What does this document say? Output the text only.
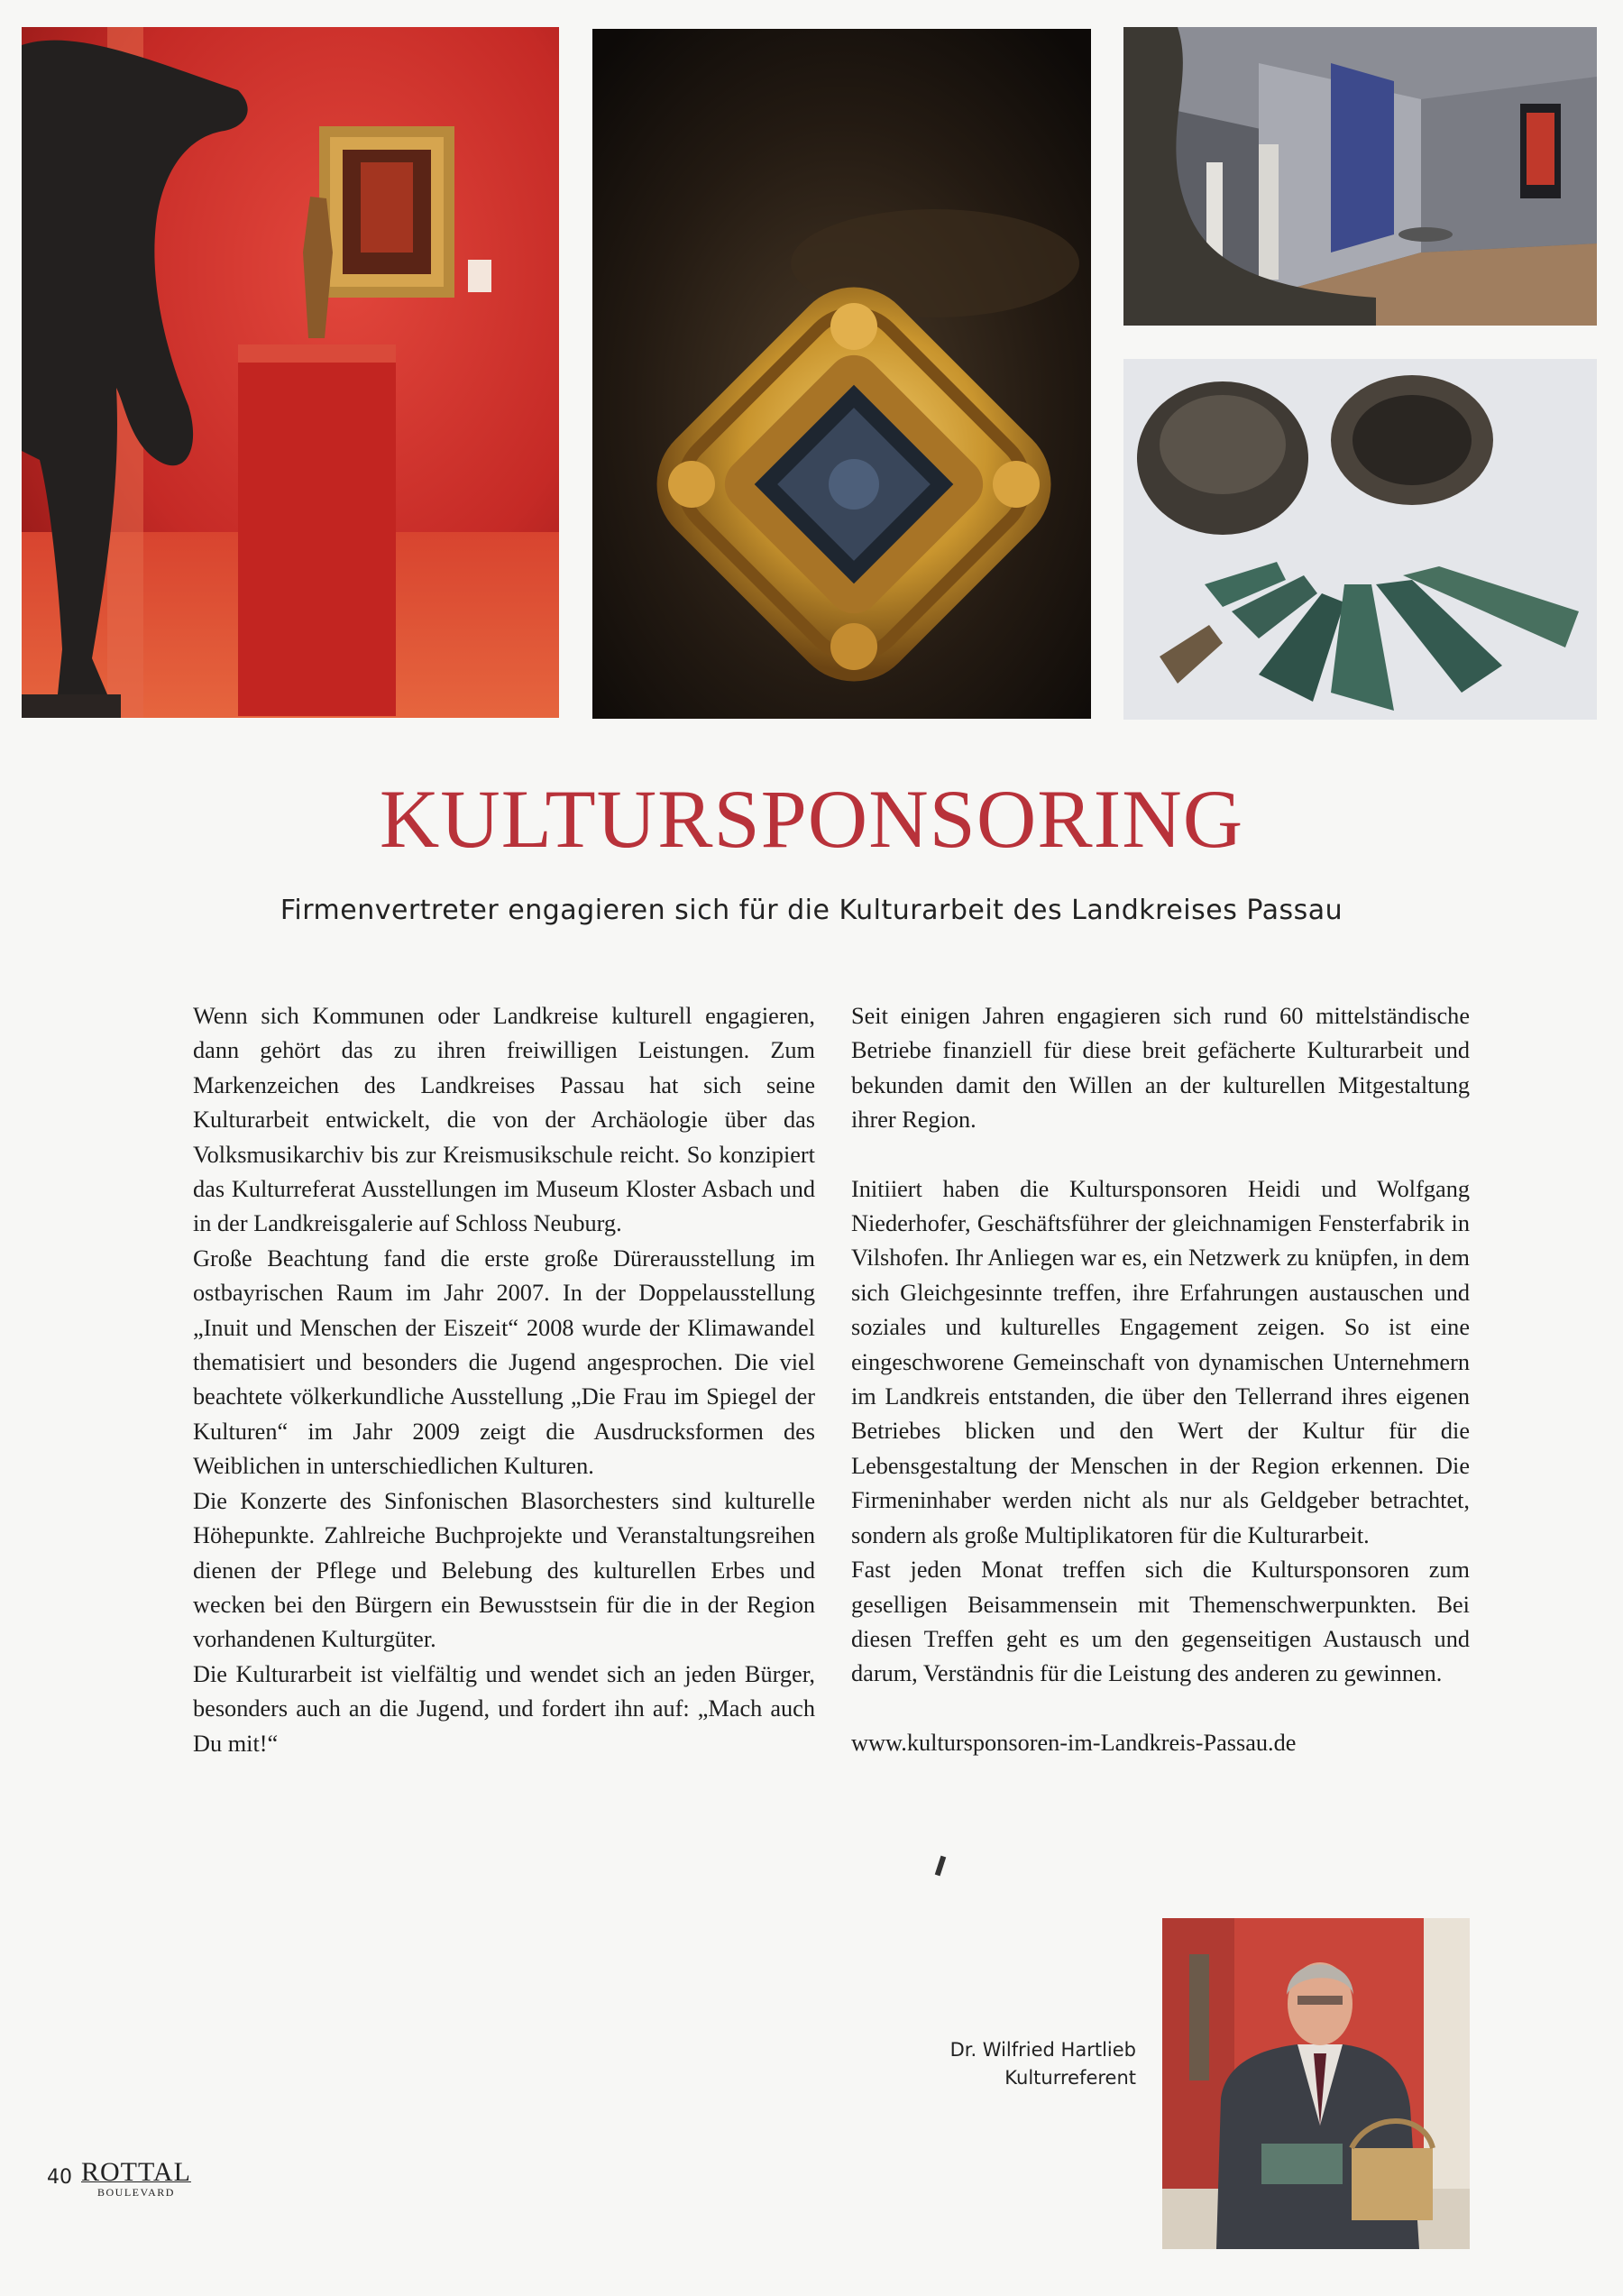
KULTURSPONSORING
Firmenvertreter engagieren sich für die Kulturarbeit des Landkreises Passau

Wenn sich Kommunen oder Landkreise kulturell engagieren, dann gehört das zu ihren freiwilligen Leistungen. Zum Markenzeichen des Landkreises Passau hat sich seine Kulturarbeit entwickelt, die von der Archäologie über das Volksmusikarchiv bis zur Kreismusikschule reicht. So konzipiert das Kulturreferat Ausstellungen im Museum Kloster Asbach und in der Landkreisgalerie auf Schloss Neuburg.

Große Beachtung fand die erste große Dürerausstellung im ostbayrischen Raum im Jahr 2007. In der Doppelausstellung „Inuit und Menschen der Eiszeit“ 2008 wurde der Klimawandel thematisiert und besonders die Jugend angesprochen. Die viel beachtete völkerkundliche Ausstellung „Die Frau im Spiegel der Kulturen“ im Jahr 2009 zeigt die Ausdrucksformen des Weiblichen in unterschiedlichen Kulturen.

Die Konzerte des Sinfonischen Blasorchesters sind kulturelle Höhepunkte. Zahlreiche Buchprojekte und Veranstaltungsreihen dienen der Pflege und Belebung des kulturellen Erbes und wecken bei den Bürgern ein Bewusstsein für die in der Region vorhandenen Kulturgüter.

Die Kulturarbeit ist vielfältig und wendet sich an jeden Bürger, besonders auch an die Jugend, und fordert ihn auf: „Mach auch Du mit!“

Seit einigen Jahren engagieren sich rund 60 mittelständische Betriebe finanziell für diese breit gefächerte Kulturarbeit und bekunden damit den Willen an der kulturellen Mitgestaltung ihrer Region.

Initiiert haben die Kultursponsoren Heidi und Wolfgang Niederhofer, Geschäftsführer der gleichnamigen Fensterfabrik in Vilshofen. Ihr Anliegen war es, ein Netzwerk zu knüpfen, in dem sich Gleichgesinnte treffen, ihre Erfahrungen austauschen und soziales und kulturelles Engagement zeigen. So ist eine eingeschworene Gemeinschaft von dynamischen Unternehmern im Landkreis entstanden, die über den Tellerrand ihres eigenen Betriebes blicken und den Wert der Kultur für die Lebensgestaltung der Menschen in der Region erkennen. Die Firmeninhaber werden nicht als nur als Geldgeber betrachtet, sondern als große Multiplikatoren für die Kulturarbeit.

Fast jeden Monat treffen sich die Kultursponsoren zum geselligen Beisammensein mit Themenschwerpunkten. Bei diesen Treffen geht es um den gegenseitigen Austausch und darum, Verständnis für die Leistung des anderen zu gewinnen.

www.kultursponsoren-im-Landkreis-Passau.de

Dr. Wilfried Hartlieb
Kulturreferent
40 ROTTAL
BOULEVARD
